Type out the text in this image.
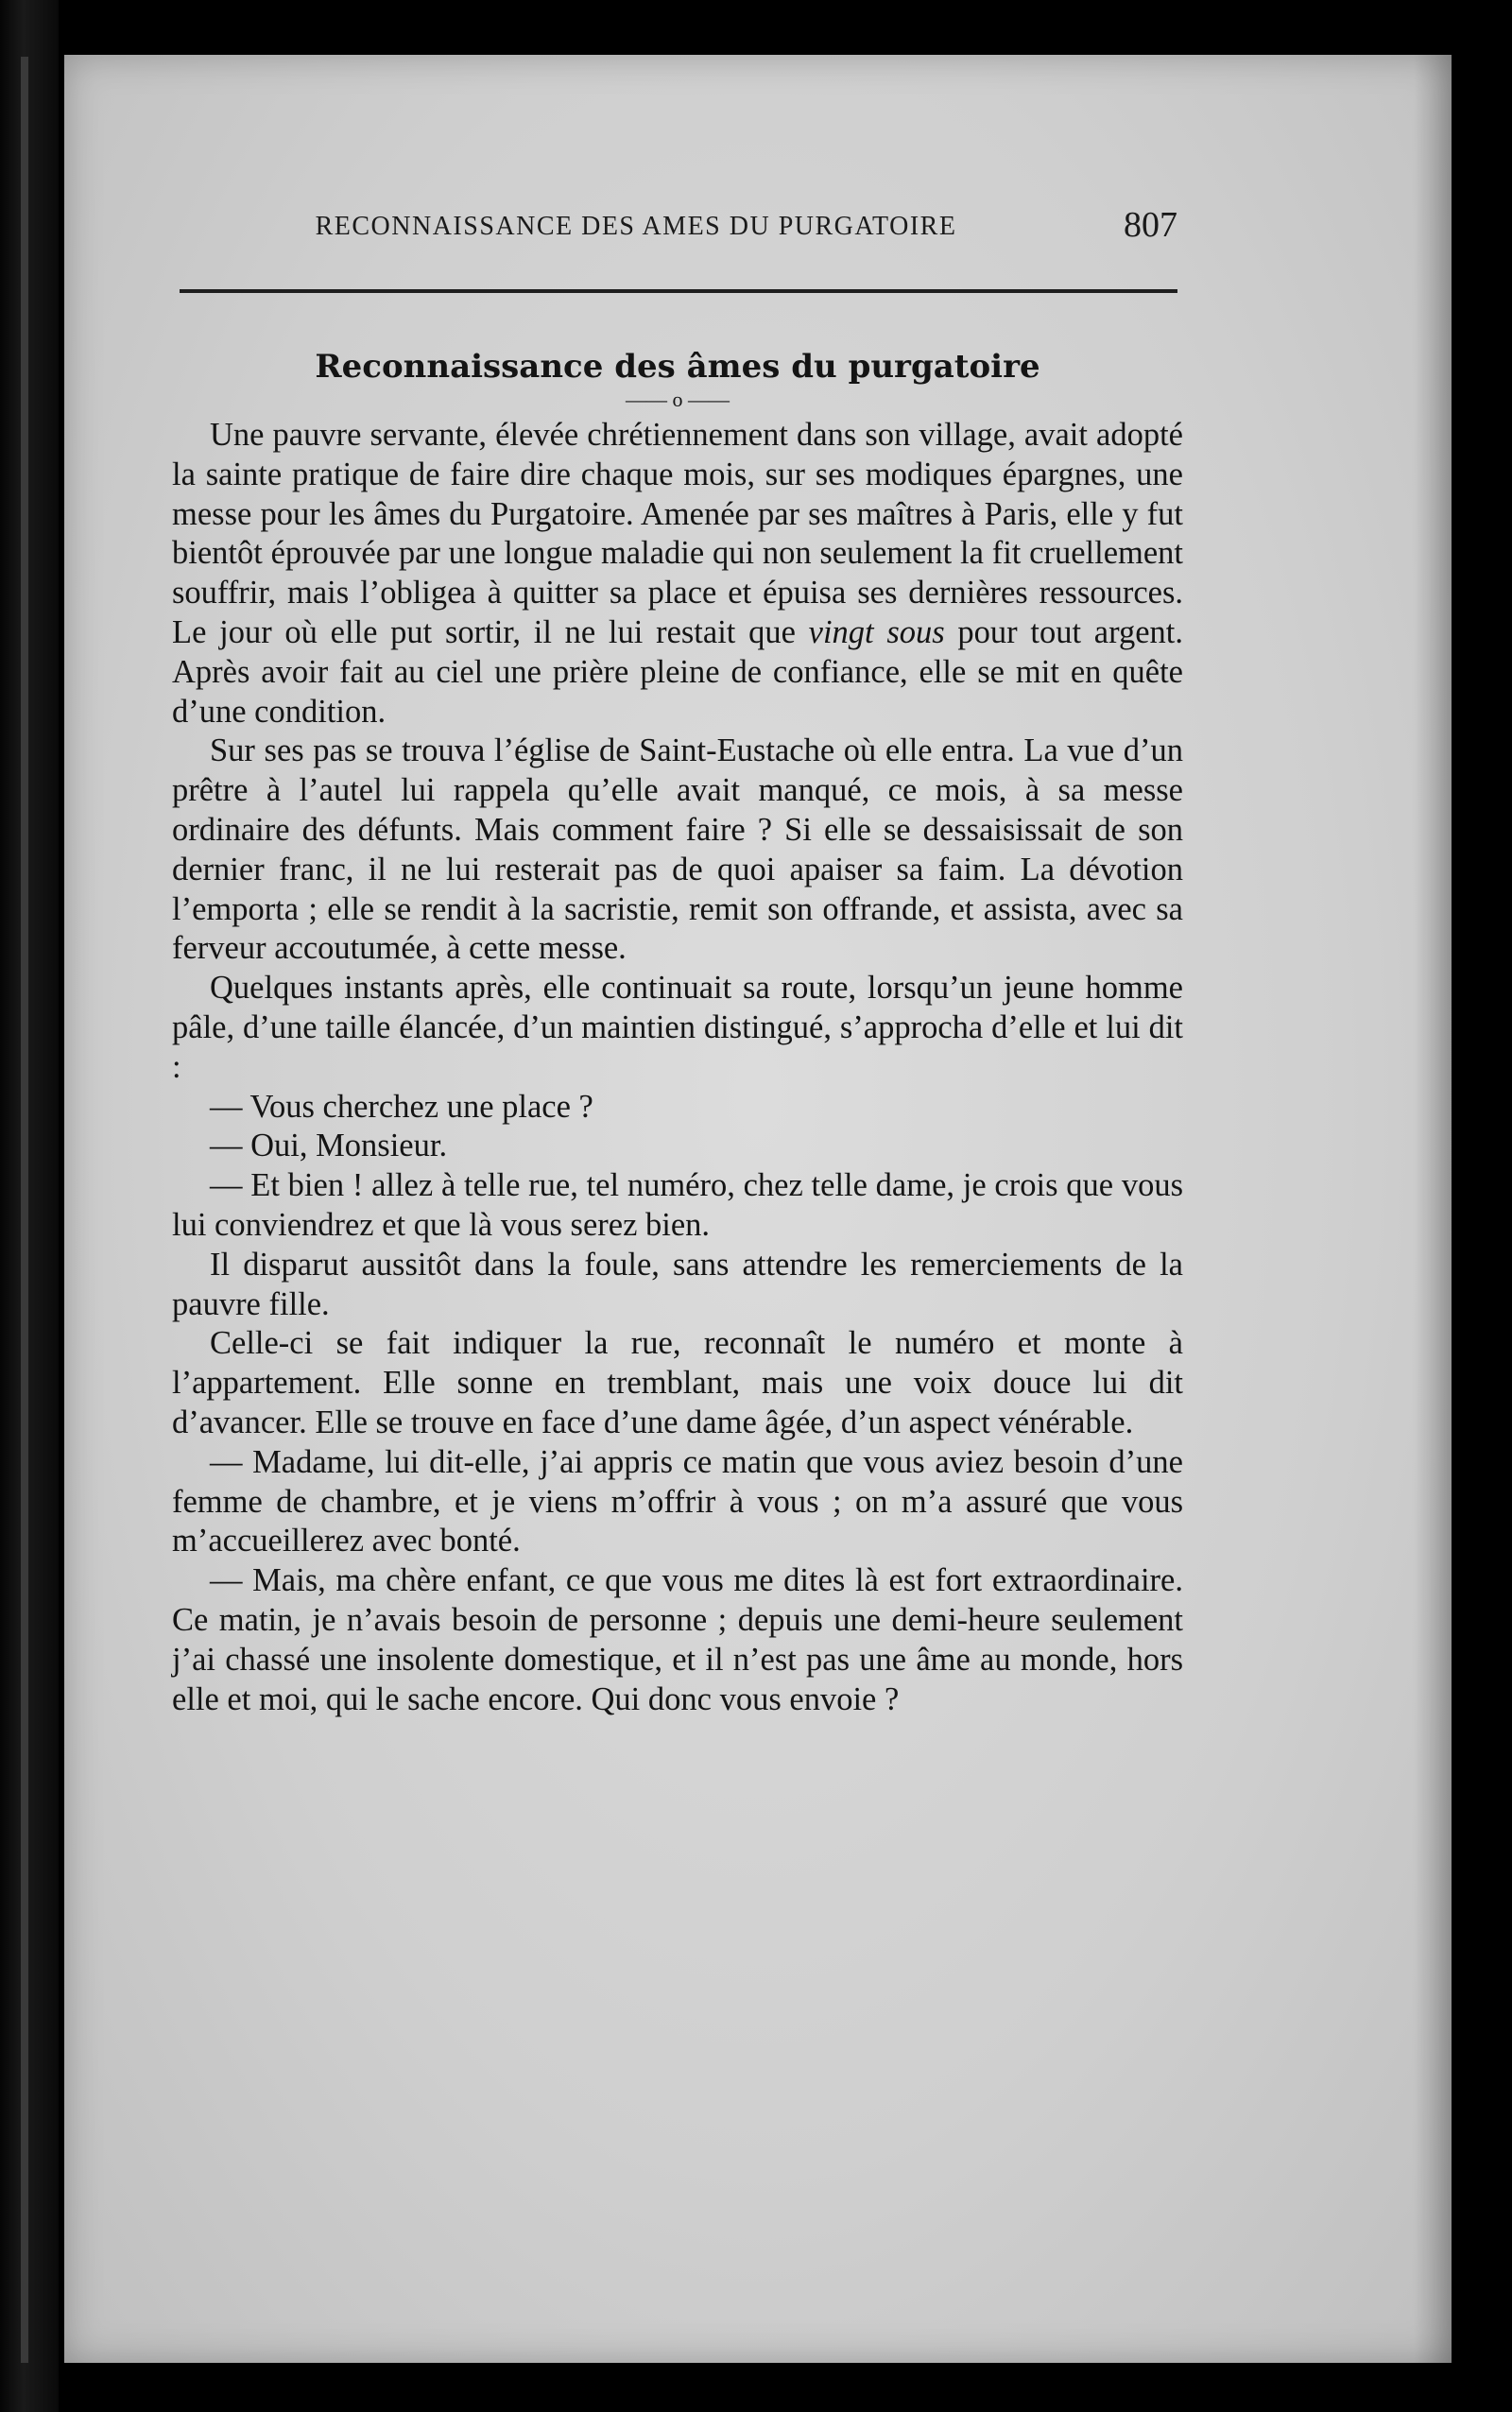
RECONNAISSANCE DES AMES DU PURGATOIRE	807
Reconnaissance des âmes du purgatoire
—— o ——

Une pauvre servante, élevée chrétiennement dans son village, avait adopté la sainte pratique de faire dire chaque mois, sur ses modiques épargnes, une messe pour les âmes du Purgatoire. Amenée par ses maîtres à Paris, elle y fut bientôt éprouvée par une longue maladie qui non seulement la fit cruellement souffrir, mais l’obligea à quitter sa place et épuisa ses dernières ressources. Le jour où elle put sortir, il ne lui restait que vingt sous pour tout argent. Après avoir fait au ciel une prière pleine de confiance, elle se mit en quête d’une condition.

Sur ses pas se trouva l’église de Saint-Eustache où elle entra. La vue d’un prêtre à l’autel lui rappela qu’elle avait manqué, ce mois, à sa messe ordinaire des défunts. Mais comment faire ? Si elle se dessaisissait de son dernier franc, il ne lui resterait pas de quoi apaiser sa faim. La dévotion l’emporta ; elle se rendit à la sacristie, remit son offrande, et assista, avec sa ferveur accoutumée, à cette messe.

Quelques instants après, elle continuait sa route, lorsqu’un jeune homme pâle, d’une taille élancée, d’un maintien distingué, s’approcha d’elle et lui dit :

— Vous cherchez une place ?

— Oui, Monsieur.

— Et bien ! allez à telle rue, tel numéro, chez telle dame, je crois que vous lui conviendrez et que là vous serez bien.

Il disparut aussitôt dans la foule, sans attendre les remerciements de la pauvre fille.

Celle-ci se fait indiquer la rue, reconnaît le numéro et monte à l’appartement. Elle sonne en tremblant, mais une voix douce lui dit d’avancer. Elle se trouve en face d’une dame âgée, d’un aspect vénérable.

— Madame, lui dit-elle, j’ai appris ce matin que vous aviez besoin d’une femme de chambre, et je viens m’offrir à vous ; on m’a assuré que vous m’accueillerez avec bonté.

— Mais, ma chère enfant, ce que vous me dites là est fort extraordinaire. Ce matin, je n’avais besoin de personne ; depuis une demi-heure seulement j’ai chassé une insolente domestique, et il n’est pas une âme au monde, hors elle et moi, qui le sache encore. Qui donc vous envoie ?
